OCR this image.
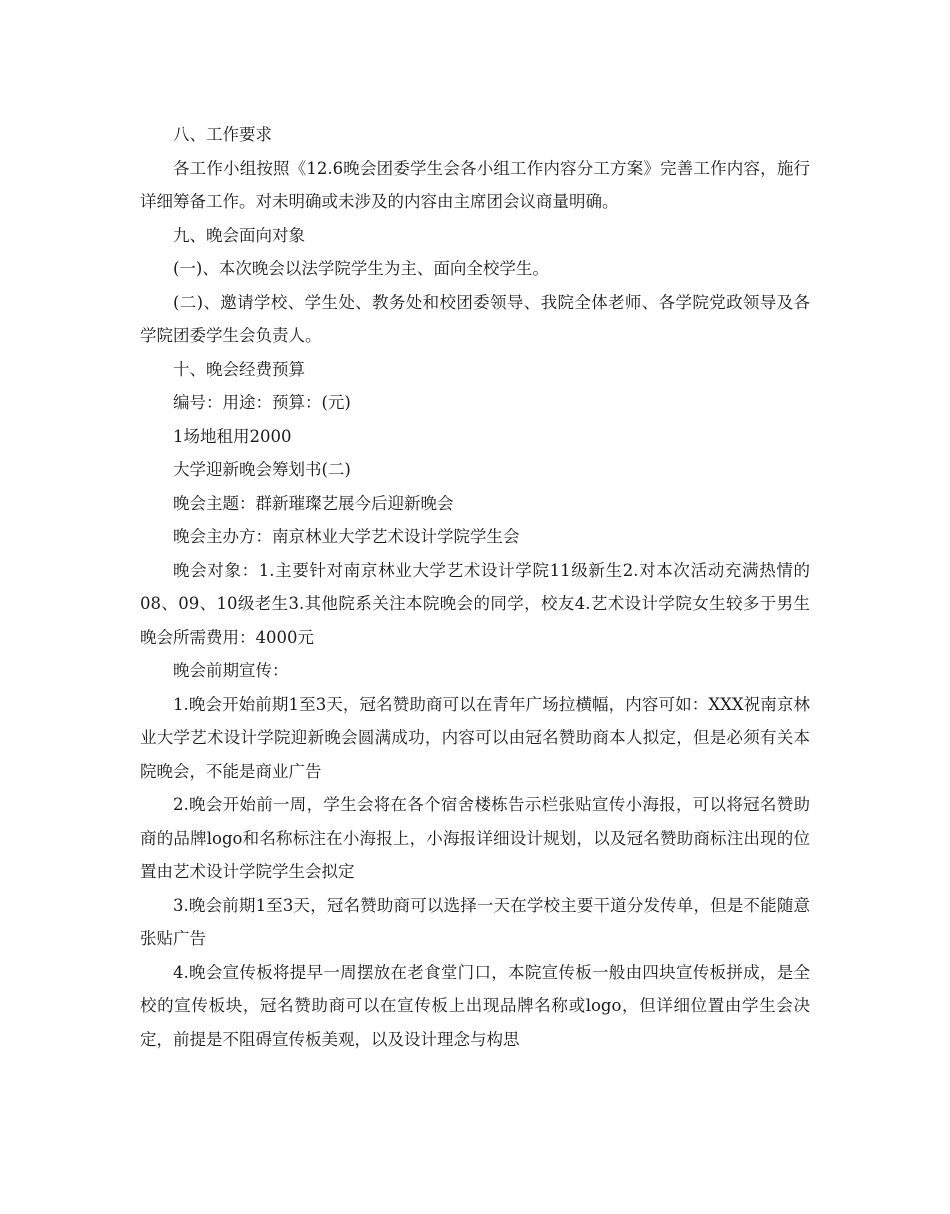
八、工作要求

各工作小组按照《12.6晚会团委学生会各小组工作内容分工方案》完善工作内容，施行详细筹备工作。对未明确或未涉及的内容由主席团会议商量明确。

九、晚会面向对象

(一)、本次晚会以法学院学生为主、面向全校学生。

(二)、邀请学校、学生处、教务处和校团委领导、我院全体老师、各学院党政领导及各学院团委学生会负责人。

十、晚会经费预算

编号：用途：预算：(元)

1场地租用2000

大学迎新晚会筹划书(二)

晚会主题：群新璀璨艺展今后迎新晚会

晚会主办方：南京林业大学艺术设计学院学生会

晚会对象：1.主要针对南京林业大学艺术设计学院11级新生2.对本次活动充满热情的08、09、10级老生3.其他院系关注本院晚会的同学，校友4.艺术设计学院女生较多于男生晚会所需费用：4000元

晚会前期宣传：

1.晚会开始前期1至3天，冠名赞助商可以在青年广场拉横幅，内容可如：XXX祝南京林业大学艺术设计学院迎新晚会圆满成功，内容可以由冠名赞助商本人拟定，但是必须有关本院晚会，不能是商业广告

2.晚会开始前一周，学生会将在各个宿舍楼栋告示栏张贴宣传小海报，可以将冠名赞助商的品牌logo和名称标注在小海报上，小海报详细设计规划，以及冠名赞助商标注出现的位置由艺术设计学院学生会拟定

3.晚会前期1至3天，冠名赞助商可以选择一天在学校主要干道分发传单，但是不能随意张贴广告

4.晚会宣传板将提早一周摆放在老食堂门口，本院宣传板一般由四块宣传板拼成，是全校的宣传板块，冠名赞助商可以在宣传板上出现品牌名称或logo，但详细位置由学生会决定，前提是不阻碍宣传板美观，以及设计理念与构思
